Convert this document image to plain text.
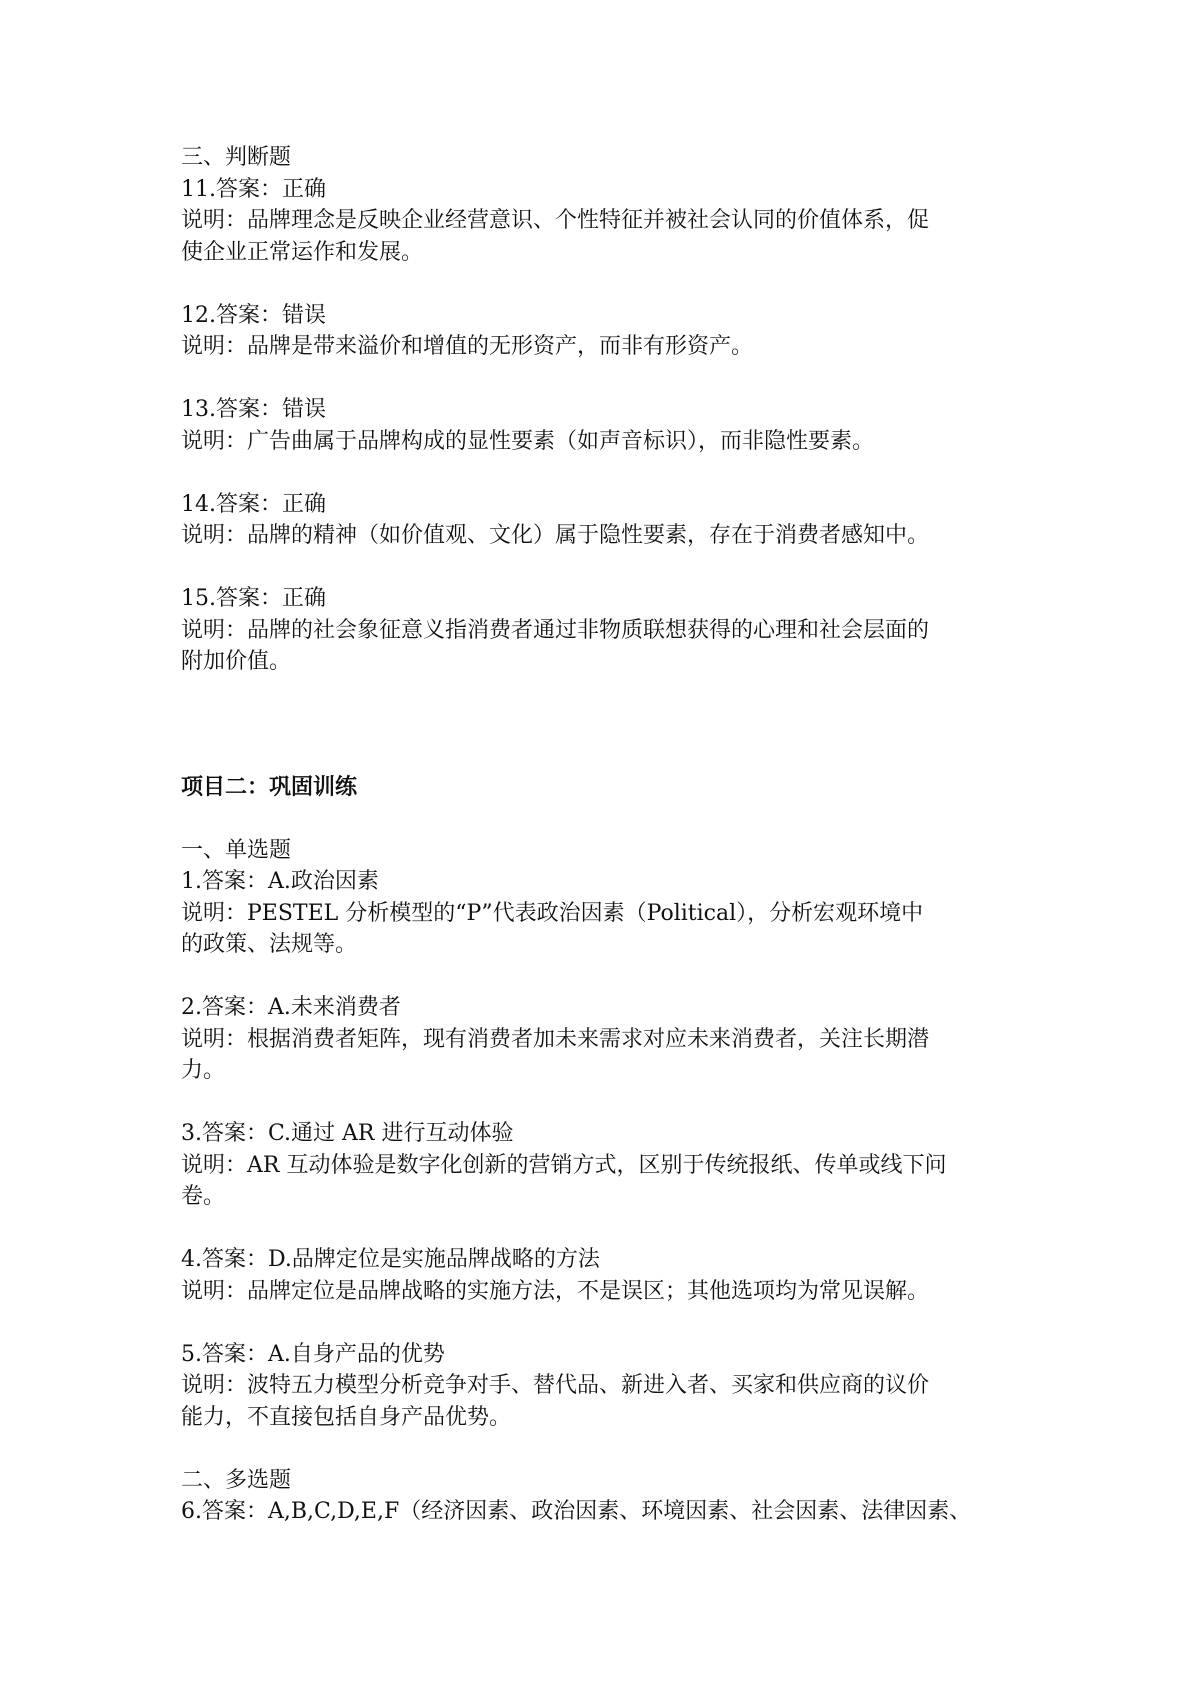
三、判断题

11.答案：正确

说明：品牌理念是反映企业经营意识、个性特征并被社会认同的价值体系，促

使企业正常运作和发展。

12.答案：错误

说明：品牌是带来溢价和增值的无形资产，而非有形资产。

13.答案：错误

说明：广告曲属于品牌构成的显性要素（如声音标识），而非隐性要素。

14.答案：正确

说明：品牌的精神（如价值观、文化）属于隐性要素，存在于消费者感知中。

15.答案：正确

说明：品牌的社会象征意义指消费者通过非物质联想获得的心理和社会层面的

附加价值。

项目二：巩固训练

一、单选题

1.答案：A.政治因素

说明：PESTEL 分析模型的“P”代表政治因素（Political），分析宏观环境中

的政策、法规等。

2.答案：A.未来消费者

说明：根据消费者矩阵，现有消费者加未来需求对应未来消费者，关注长期潜

力。

3.答案：C.通过 AR 进行互动体验

说明：AR 互动体验是数字化创新的营销方式，区别于传统报纸、传单或线下问

卷。

4.答案：D.品牌定位是实施品牌战略的方法

说明：品牌定位是品牌战略的实施方法，不是误区；其他选项均为常见误解。

5.答案：A.自身产品的优势

说明：波特五力模型分析竞争对手、替代品、新进入者、买家和供应商的议价

能力，不直接包括自身产品优势。

二、多选题

6.答案：A,B,C,D,E,F（经济因素、政治因素、环境因素、社会因素、法律因素、
